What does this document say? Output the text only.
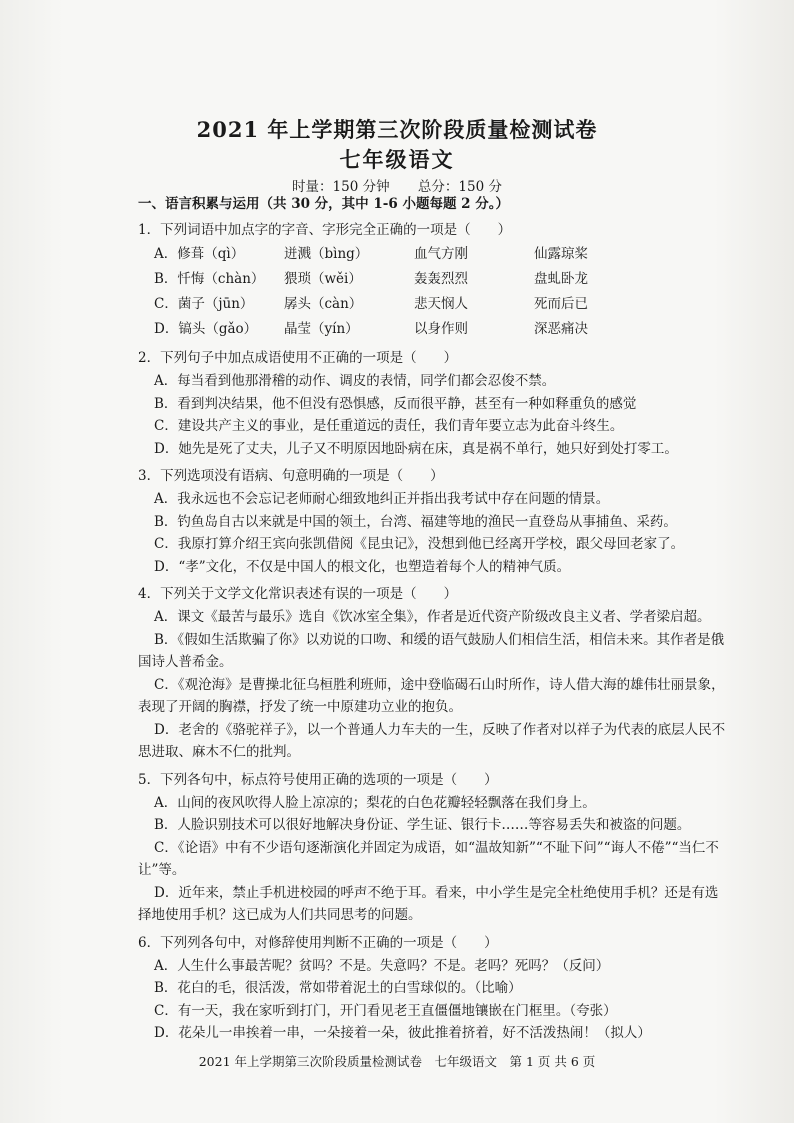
2021 年上学期第三次阶段质量检测试卷
七年级语文
时量：150 分钟 总分：150 分
一、语言积累与运用（共 30 分，其中 1-6 小题每题 2 分。）
1．下列词语中加点字的字音、字形完全正确的一项是（　　）
A．修葺（qì）	迸溅（bìng）	血气方刚	仙露琼桨
B．忏悔（chàn）	猥琐（wěi）	轰轰烈烈	盘虬卧龙
C．菌子（jūn）	孱头（càn）	悲天悯人	死而后已
D．镐头（gǎo）	晶莹（yín）	以身作则	深恶痛决
2．下列句子中加点成语使用不正确的一项是（　　）
A．每当看到他那滑稽的动作、调皮的表情，同学们都会忍俊不禁。
B．看到判决结果，他不但没有恐惧感，反而很平静，甚至有一种如释重负的感觉
C．建设共产主义的事业，是任重道远的责任，我们青年要立志为此奋斗终生。
D．她先是死了丈夫，儿子又不明原因地卧病在床，真是祸不单行，她只好到处打零工。
3．下列选项没有语病、句意明确的一项是（　　）
A．我永远也不会忘记老师耐心细致地纠正并指出我考试中存在问题的情景。
B．钓鱼岛自古以来就是中国的领土，台湾、福建等地的渔民一直登岛从事捕鱼、采药。
C．我原打算介绍王宾向张凯借阅《昆虫记》，没想到他已经离开学校，跟父母回老家了。
D．“孝”文化，不仅是中国人的根文化，也塑造着每个人的精神气质。
4．下列关于文学文化常识表述有误的一项是（　　）
A．课文《最苦与最乐》选自《饮冰室全集》，作者是近代资产阶级改良主义者、学者梁启超。
B．《假如生活欺骗了你》以劝说的口吻、和缓的语气鼓励人们相信生活，相信未来。其作者是俄国诗人普希金。
C．《观沧海》是曹操北征乌桓胜利班师，途中登临碣石山时所作，诗人借大海的雄伟壮丽景象，表现了开阔的胸襟，抒发了统一中原建功立业的抱负。
D．老舍的《骆驼祥子》，以一个普通人力车夫的一生，反映了作者对以祥子为代表的底层人民不思进取、麻木不仁的批判。
5．下列各句中，标点符号使用正确的选项的一项是（　　）
A．山间的夜风吹得人脸上凉凉的；梨花的白色花瓣轻轻飘落在我们身上。
B．人脸识别技术可以很好地解决身份证、学生证、银行卡……等容易丢失和被盗的问题。
C．《论语》中有不少语句逐渐演化并固定为成语，如“温故知新”“不耻下问”“诲人不倦”“当仁不让”等。
D．近年来，禁止手机进校园的呼声不绝于耳。看来，中小学生是完全杜绝使用手机？还是有选择地使用手机？这已成为人们共同思考的问题。
6．下列列各句中，对修辞使用判断不正确的一项是（　　）
A．人生什么事最苦呢？贫吗？不是。失意吗？不是。老吗？死吗？（反问）
B．花白的毛，很活泼，常如带着泥土的白雪球似的。（比喻）
C．有一天，我在家听到打门，开门看见老王直僵僵地镶嵌在门框里。（夸张）
D．花朵儿一串挨着一串，一朵接着一朵，彼此推着挤着，好不活泼热闹！（拟人）
2021 年上学期第三次阶段质量检测试卷　七年级语文　第 1 页 共 6 页
